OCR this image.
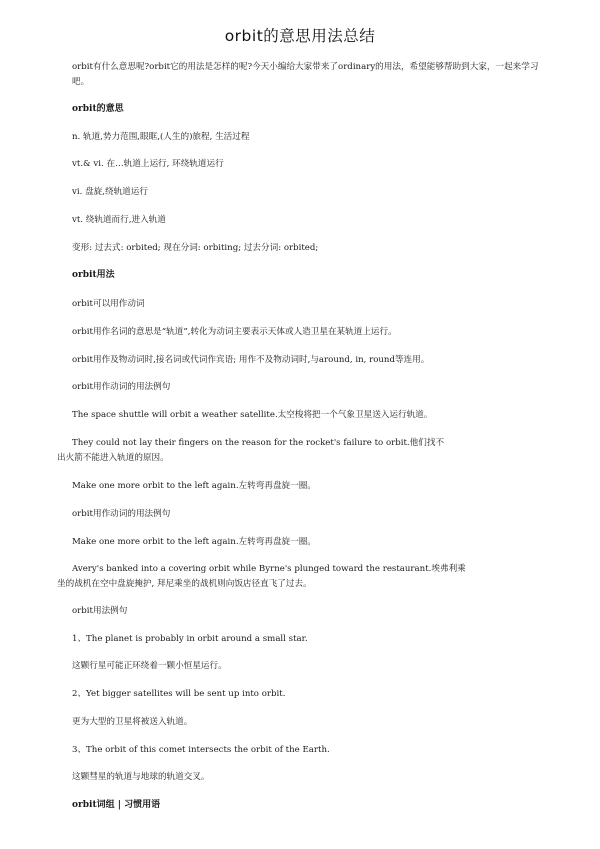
orbit的意思用法总结
orbit有什么意思呢?orbit它的用法是怎样的呢?今天小编给大家带来了ordinary的用法，希望能够帮助到大家，一起来学习吧。
orbit的意思
n. 轨道,势力范围,眼眶,(人生的)旅程, 生活过程
vt.& vi. 在…轨道上运行, 环绕轨道运行
vi. 盘旋,绕轨道运行
vt. 绕轨道而行,进入轨道
变形: 过去式: orbited; 现在分词: orbiting; 过去分词: orbited;
orbit用法
orbit可以用作动词
orbit用作名词的意思是“轨道”,转化为动词主要表示天体或人造卫星在某轨道上运行。
orbit用作及物动词时,接名词或代词作宾语; 用作不及物动词时,与around, in, round等连用。
orbit用作动词的用法例句
The space shuttle will orbit a weather satellite.太空梭将把一个气象卫星送入运行轨道。
They could not lay their fingers on the reason for the rocket's failure to orbit.他们找不
出火箭不能进入轨道的原因。
Make one more orbit to the left again.左转弯再盘旋一圈。
orbit用作动词的用法例句
Make one more orbit to the left again.左转弯再盘旋一圈。
Avery's banked into a covering orbit while Byrne's plunged toward the restaurant.埃弗利乘
坐的战机在空中盘旋掩护, 拜尼乘坐的战机则向饭店径直飞了过去。
orbit用法例句
1、The planet is probably in orbit around a small star.
这颗行星可能正环绕着一颗小恒星运行。
2、Yet bigger satellites will be sent up into orbit.
更为大型的卫星将被送入轨道。
3、The orbit of this comet intersects the orbit of the Earth.
这颗彗星的轨道与地球的轨道交叉。
orbit词组 | 习惯用语
